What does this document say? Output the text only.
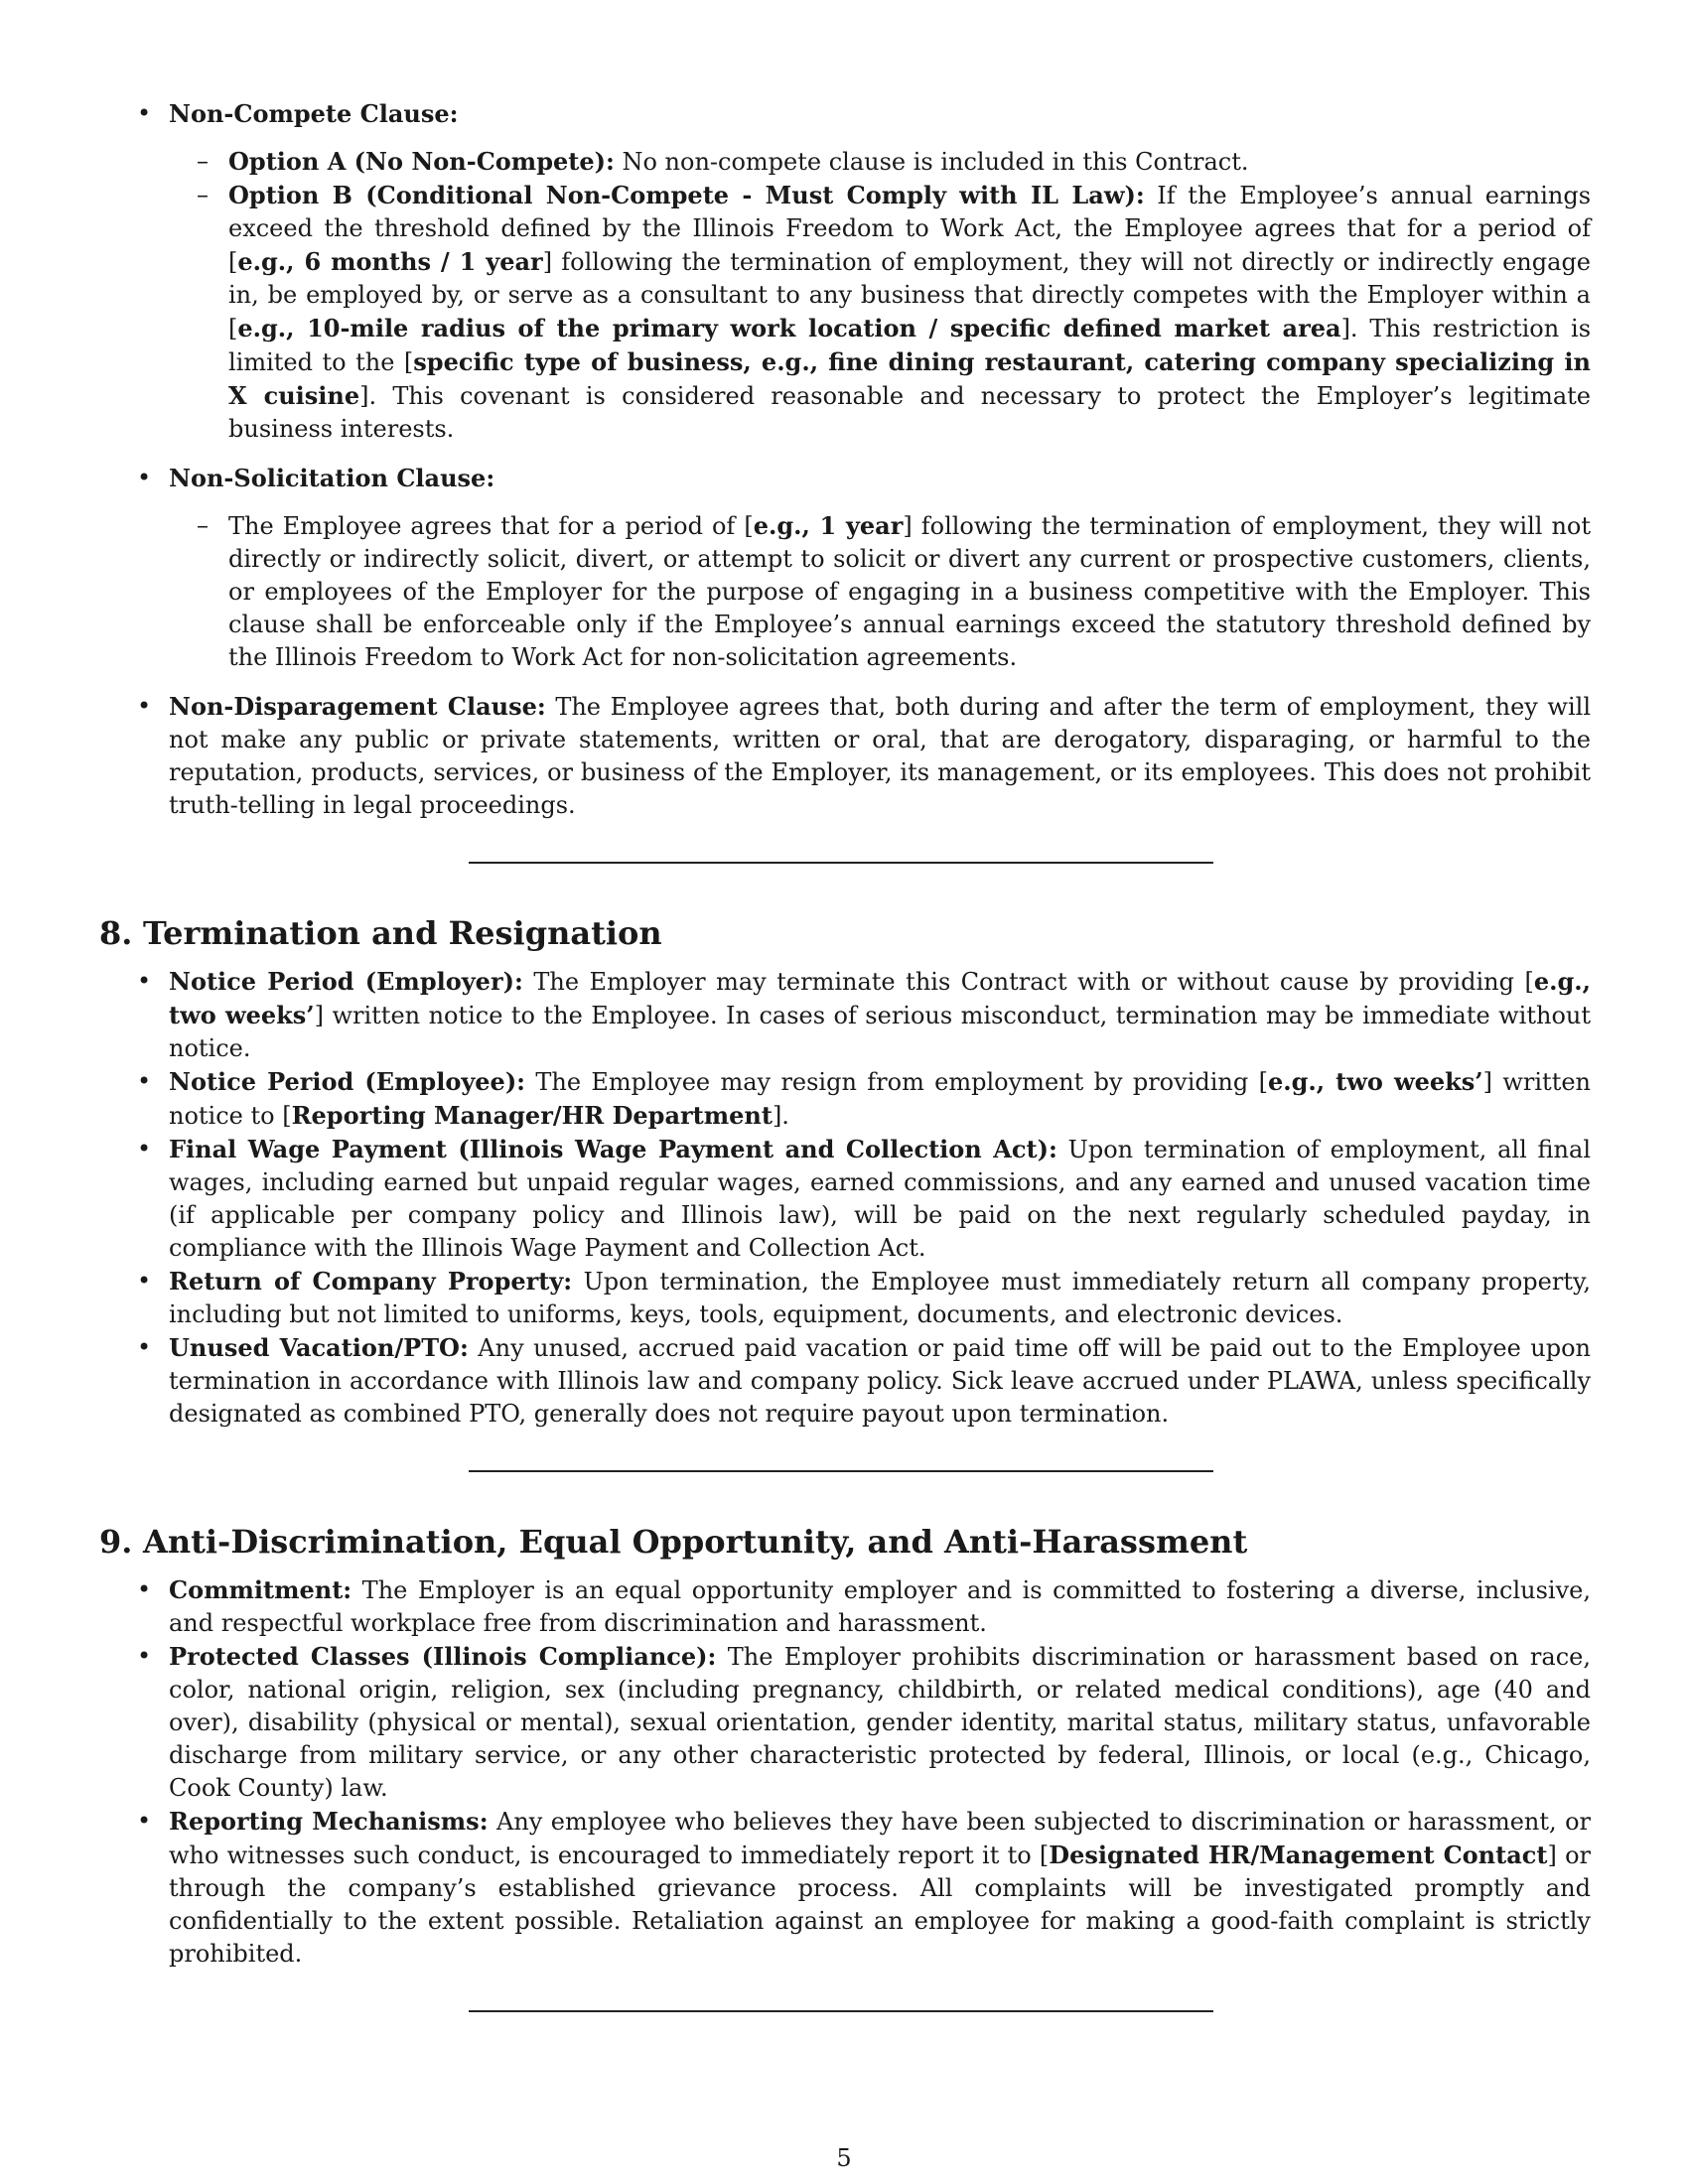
• Non-Compete Clause:
– Option A (No Non-Compete): No non-compete clause is included in this Contract.
– Option B (Conditional Non-Compete - Must Comply with IL Law): If the Employee’s annual earnings exceed the threshold defined by the Illinois Freedom to Work Act, the Employee agrees that for a period of [e.g., 6 months / 1 year] following the termination of employment, they will not directly or indirectly engage in, be employed by, or serve as a consultant to any business that directly competes with the Employer within a [e.g., 10-mile radius of the primary work location / specific defined market area]. This restriction is limited to the [specific type of business, e.g., fine dining restaurant, catering company specializing in X cuisine]. This covenant is considered reasonable and necessary to protect the Employer’s legitimate business interests.
• Non-Solicitation Clause:
– The Employee agrees that for a period of [e.g., 1 year] following the termination of employment, they will not directly or indirectly solicit, divert, or attempt to solicit or divert any current or prospective customers, clients, or employees of the Employer for the purpose of engaging in a business competitive with the Employer. This clause shall be enforceable only if the Employee’s annual earnings exceed the statutory threshold defined by the Illinois Freedom to Work Act for non-solicitation agreements.
• Non-Disparagement Clause: The Employee agrees that, both during and after the term of employment, they will not make any public or private statements, written or oral, that are derogatory, disparaging, or harmful to the reputation, products, services, or business of the Employer, its management, or its employees. This does not prohibit truth-telling in legal proceedings.
8. Termination and Resignation
• Notice Period (Employer): The Employer may terminate this Contract with or without cause by providing [e.g., two weeks’] written notice to the Employee. In cases of serious misconduct, termination may be immediate without notice.
• Notice Period (Employee): The Employee may resign from employment by providing [e.g., two weeks’] written notice to [Reporting Manager/HR Department].
• Final Wage Payment (Illinois Wage Payment and Collection Act): Upon termination of employment, all final wages, including earned but unpaid regular wages, earned commissions, and any earned and unused vacation time (if applicable per company policy and Illinois law), will be paid on the next regularly scheduled payday, in compliance with the Illinois Wage Payment and Collection Act.
• Return of Company Property: Upon termination, the Employee must immediately return all company property, including but not limited to uniforms, keys, tools, equipment, documents, and electronic devices.
• Unused Vacation/PTO: Any unused, accrued paid vacation or paid time off will be paid out to the Employee upon termination in accordance with Illinois law and company policy. Sick leave accrued under PLAWA, unless specifically designated as combined PTO, generally does not require payout upon termination.
9. Anti-Discrimination, Equal Opportunity, and Anti-Harassment
• Commitment: The Employer is an equal opportunity employer and is committed to fostering a diverse, inclusive, and respectful workplace free from discrimination and harassment.
• Protected Classes (Illinois Compliance): The Employer prohibits discrimination or harassment based on race, color, national origin, religion, sex (including pregnancy, childbirth, or related medical conditions), age (40 and over), disability (physical or mental), sexual orientation, gender identity, marital status, military status, unfavorable discharge from military service, or any other characteristic protected by federal, Illinois, or local (e.g., Chicago, Cook County) law.
• Reporting Mechanisms: Any employee who believes they have been subjected to discrimination or harassment, or who witnesses such conduct, is encouraged to immediately report it to [Designated HR/Management Contact] or through the company’s established grievance process. All complaints will be investigated promptly and confidentially to the extent possible. Retaliation against an employee for making a good-faith complaint is strictly prohibited.
5
